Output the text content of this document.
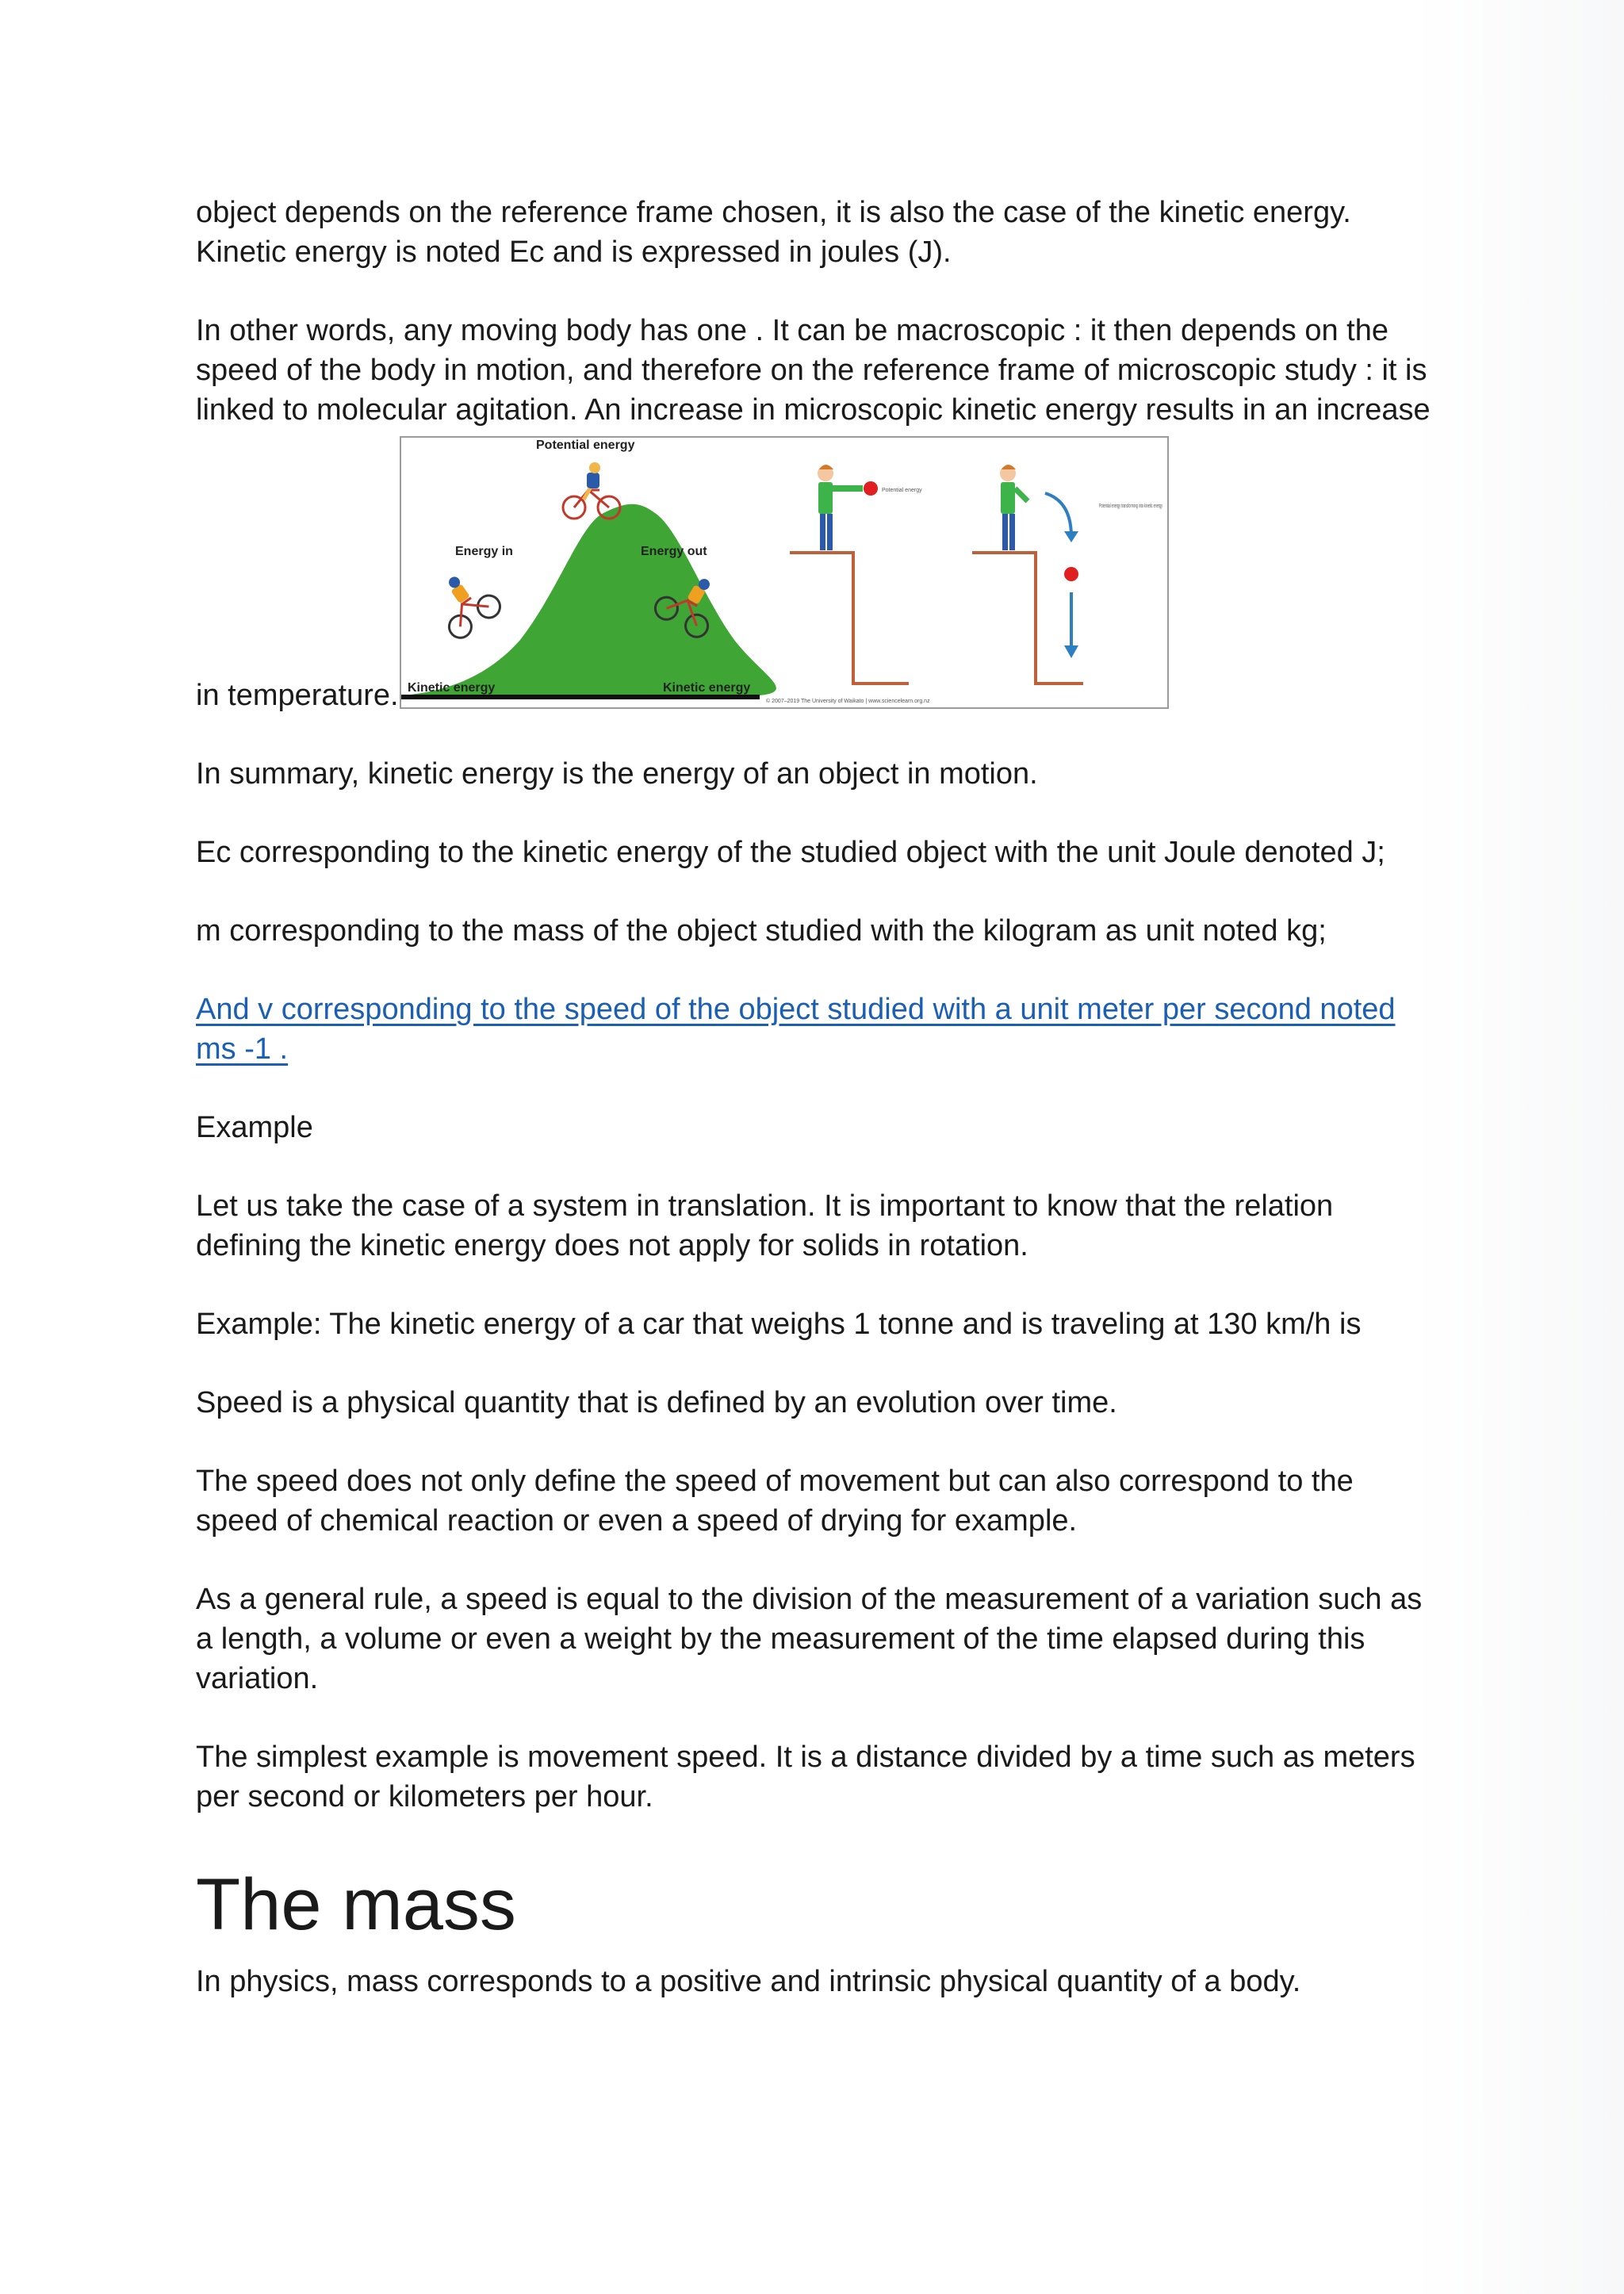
object depends on the reference frame chosen, it is also the case of the kinetic energy.
Kinetic energy is noted Ec and is expressed in joules (J).

In other words, any moving body has one . It can be macroscopic : it then depends on the
speed of the body in motion, and therefore on the reference frame of microscopic study : it is
linked to molecular agitation. An increase in microscopic kinetic energy results in an increase

in temperature.

In summary, kinetic energy is the energy of an object in motion.

Ec corresponding to the kinetic energy of the studied object with the unit Joule denoted J;

m corresponding to the mass of the object studied with the kilogram as unit noted kg;

And v corresponding to the speed of the object studied with a unit meter per second noted
ms -1 .

Example

Let us take the case of a system in translation. It is important to know that the relation
defining the kinetic energy does not apply for solids in rotation.

Example: The kinetic energy of a car that weighs 1 tonne and is traveling at 130 km/h is

Speed is a physical quantity that is defined by an evolution over time.

The speed does not only define the speed of movement but can also correspond to the
speed of chemical reaction or even a speed of drying for example.

As a general rule, a speed is equal to the division of the measurement of a variation such as
a length, a volume or even a weight by the measurement of the time elapsed during this
variation.

The simplest example is movement speed. It is a distance divided by a time such as meters
per second or kilometers per hour.

The mass

In physics, mass corresponds to a positive and intrinsic physical quantity of a body.

Potential energy
Energy in	Energy out
Kinetic energy	Kinetic energy
Potential energy
Potential energy transforming into kinetic energy
© 2007–2019 The University of Waikato | www.sciencelearn.org.nz
